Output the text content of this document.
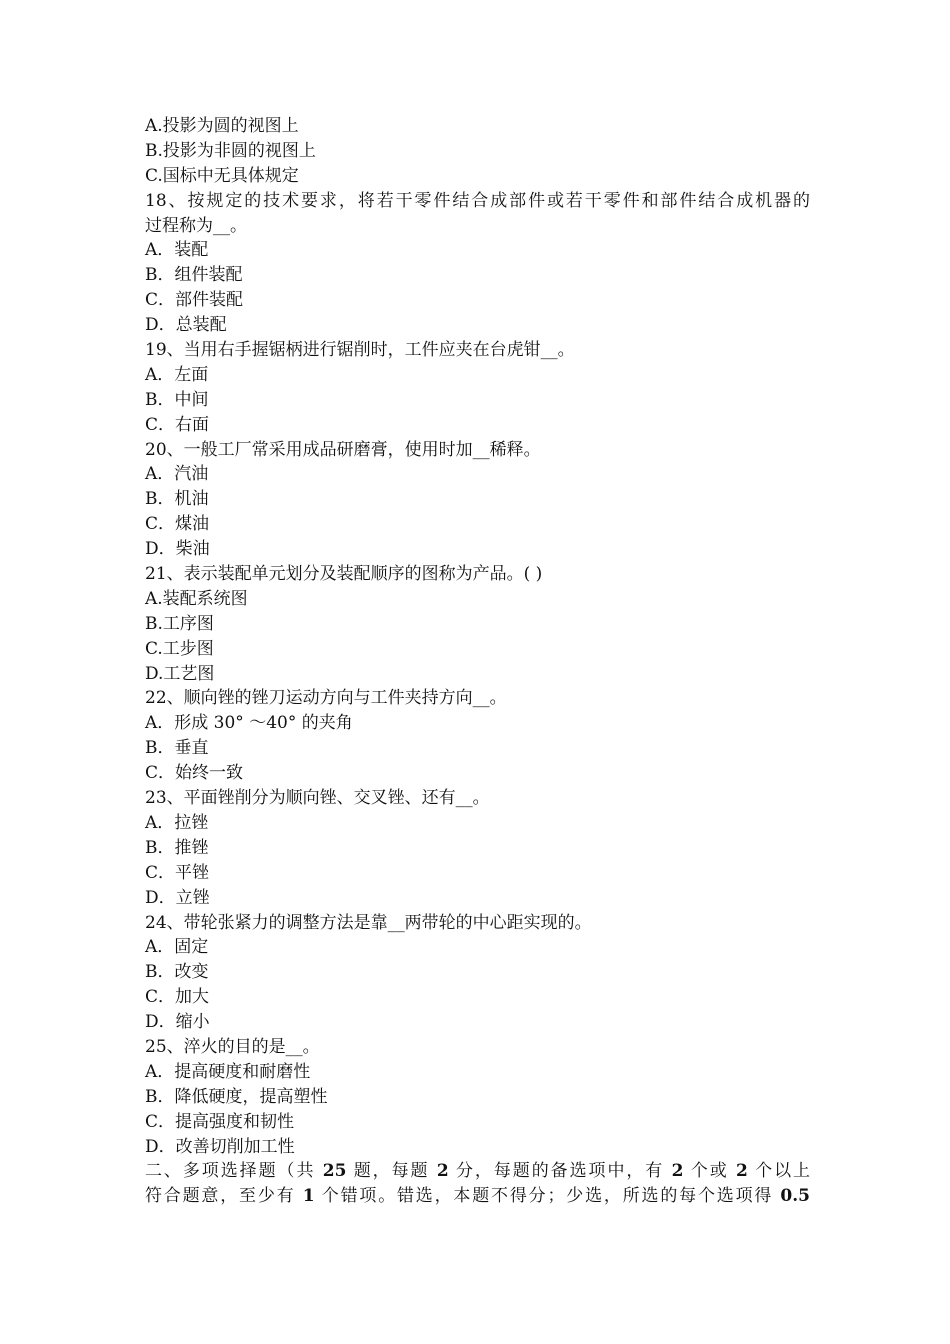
A.投影为圆的视图上
B.投影为非圆的视图上
C.国标中无具体规定
18、按规定的技术要求，将若干零件结合成部件或若干零件和部件结合成机器的
过程称为__。
A．装配
B．组件装配
C．部件装配
D．总装配
19、当用右手握锯柄进行锯削时，工件应夹在台虎钳__。
A．左面
B．中间
C．右面
20、一般工厂常采用成品研磨膏，使用时加__稀释。
A．汽油
B．机油
C．煤油
D．柴油
21、表示装配单元划分及装配顺序的图称为产品。( )
A.装配系统图
B.工序图
C.工步图
D.工艺图
22、顺向锉的锉刀运动方向与工件夹持方向__。
A．形成 30° ～40° 的夹角
B．垂直
C．始终一致
23、平面锉削分为顺向锉、交叉锉、还有__。
A．拉锉
B．推锉
C．平锉
D．立锉
24、带轮张紧力的调整方法是靠__两带轮的中心距实现的。
A．固定
B．改变
C．加大
D．缩小
25、淬火的目的是__。
A．提高硬度和耐磨性
B．降低硬度，提高塑性
C．提高强度和韧性
D．改善切削加工性
二、多项选择题（共 25 题，每题 2 分，每题的备选项中，有 2 个或 2 个以上
符合题意，至少有 1 个错项。错选，本题不得分；少选，所选的每个选项得 0.5
